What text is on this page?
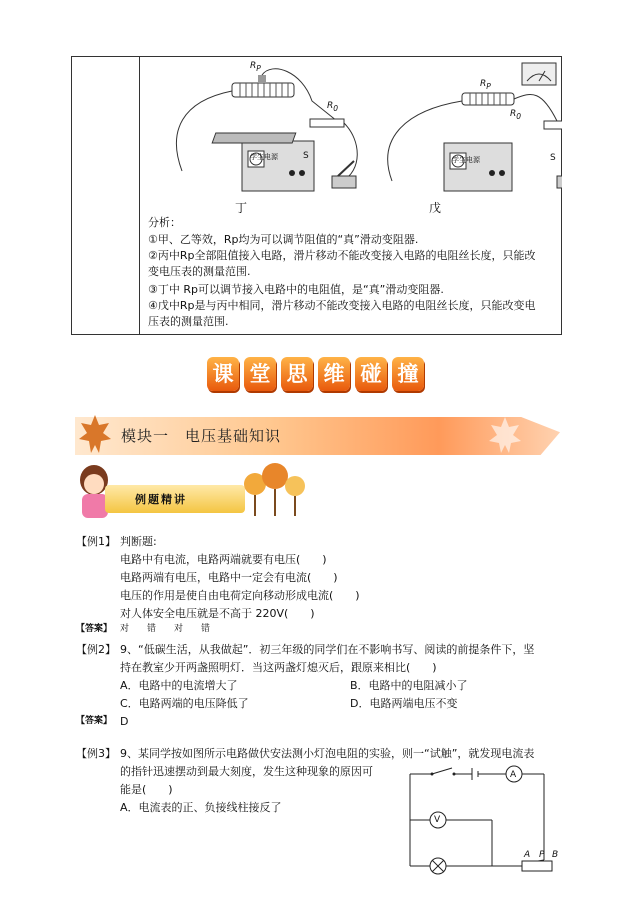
$R_P$
$R_0$
$R_P$
$R_0$
学生电源	学生电源
S	S
丁	戊
分析：
①甲、乙等效，Rp均为可以调节阻值的“真”滑动变阻器.
②丙中Rp全部阻值接入电路，滑片移动不能改变接入电路的电阻丝长度，只能改
变电压表的测量范围.
③丁中 Rp可以调节接入电路中的电阻值，是“真”滑动变阻器.
④戊中Rp是与丙中相同，滑片移动不能改变接入电路的电阻丝长度，只能改变电
压表的测量范围.
课 堂 思 维 碰 撞
模块一　电压基础知识
例题精讲
【例1】 判断题:
电路中有电流，电路两端就要有电压(　　)
电路两端有电压，电路中一定会有电流(　　)
电压的作用是使自由电荷定向移动形成电流(　　)
对人体安全电压就是不高于 220V(　　)
【答案】 对　　错　　对　　错
【例2】 9、“低碳生活，从我做起”．初三年级的同学们在不影响书写、阅读的前提条件下，坚
持在教室少开两盏照明灯．当这两盏灯熄灭后，跟原来相比(　　)
A．电路中的电流增大了	B．电路中的电阻减小了
C．电路两端的电压降低了	D．电路两端电压不变
【答案】 D
【例3】 9、某同学按如图所示电路做伏安法测小灯泡电阻的实验，则一“试触”，就发现电流表
的指针迅速摆动到最大刻度，发生这种现象的原因可
能是(　　)
A．电流表的正、负接线柱接反了
A
V
A P B
